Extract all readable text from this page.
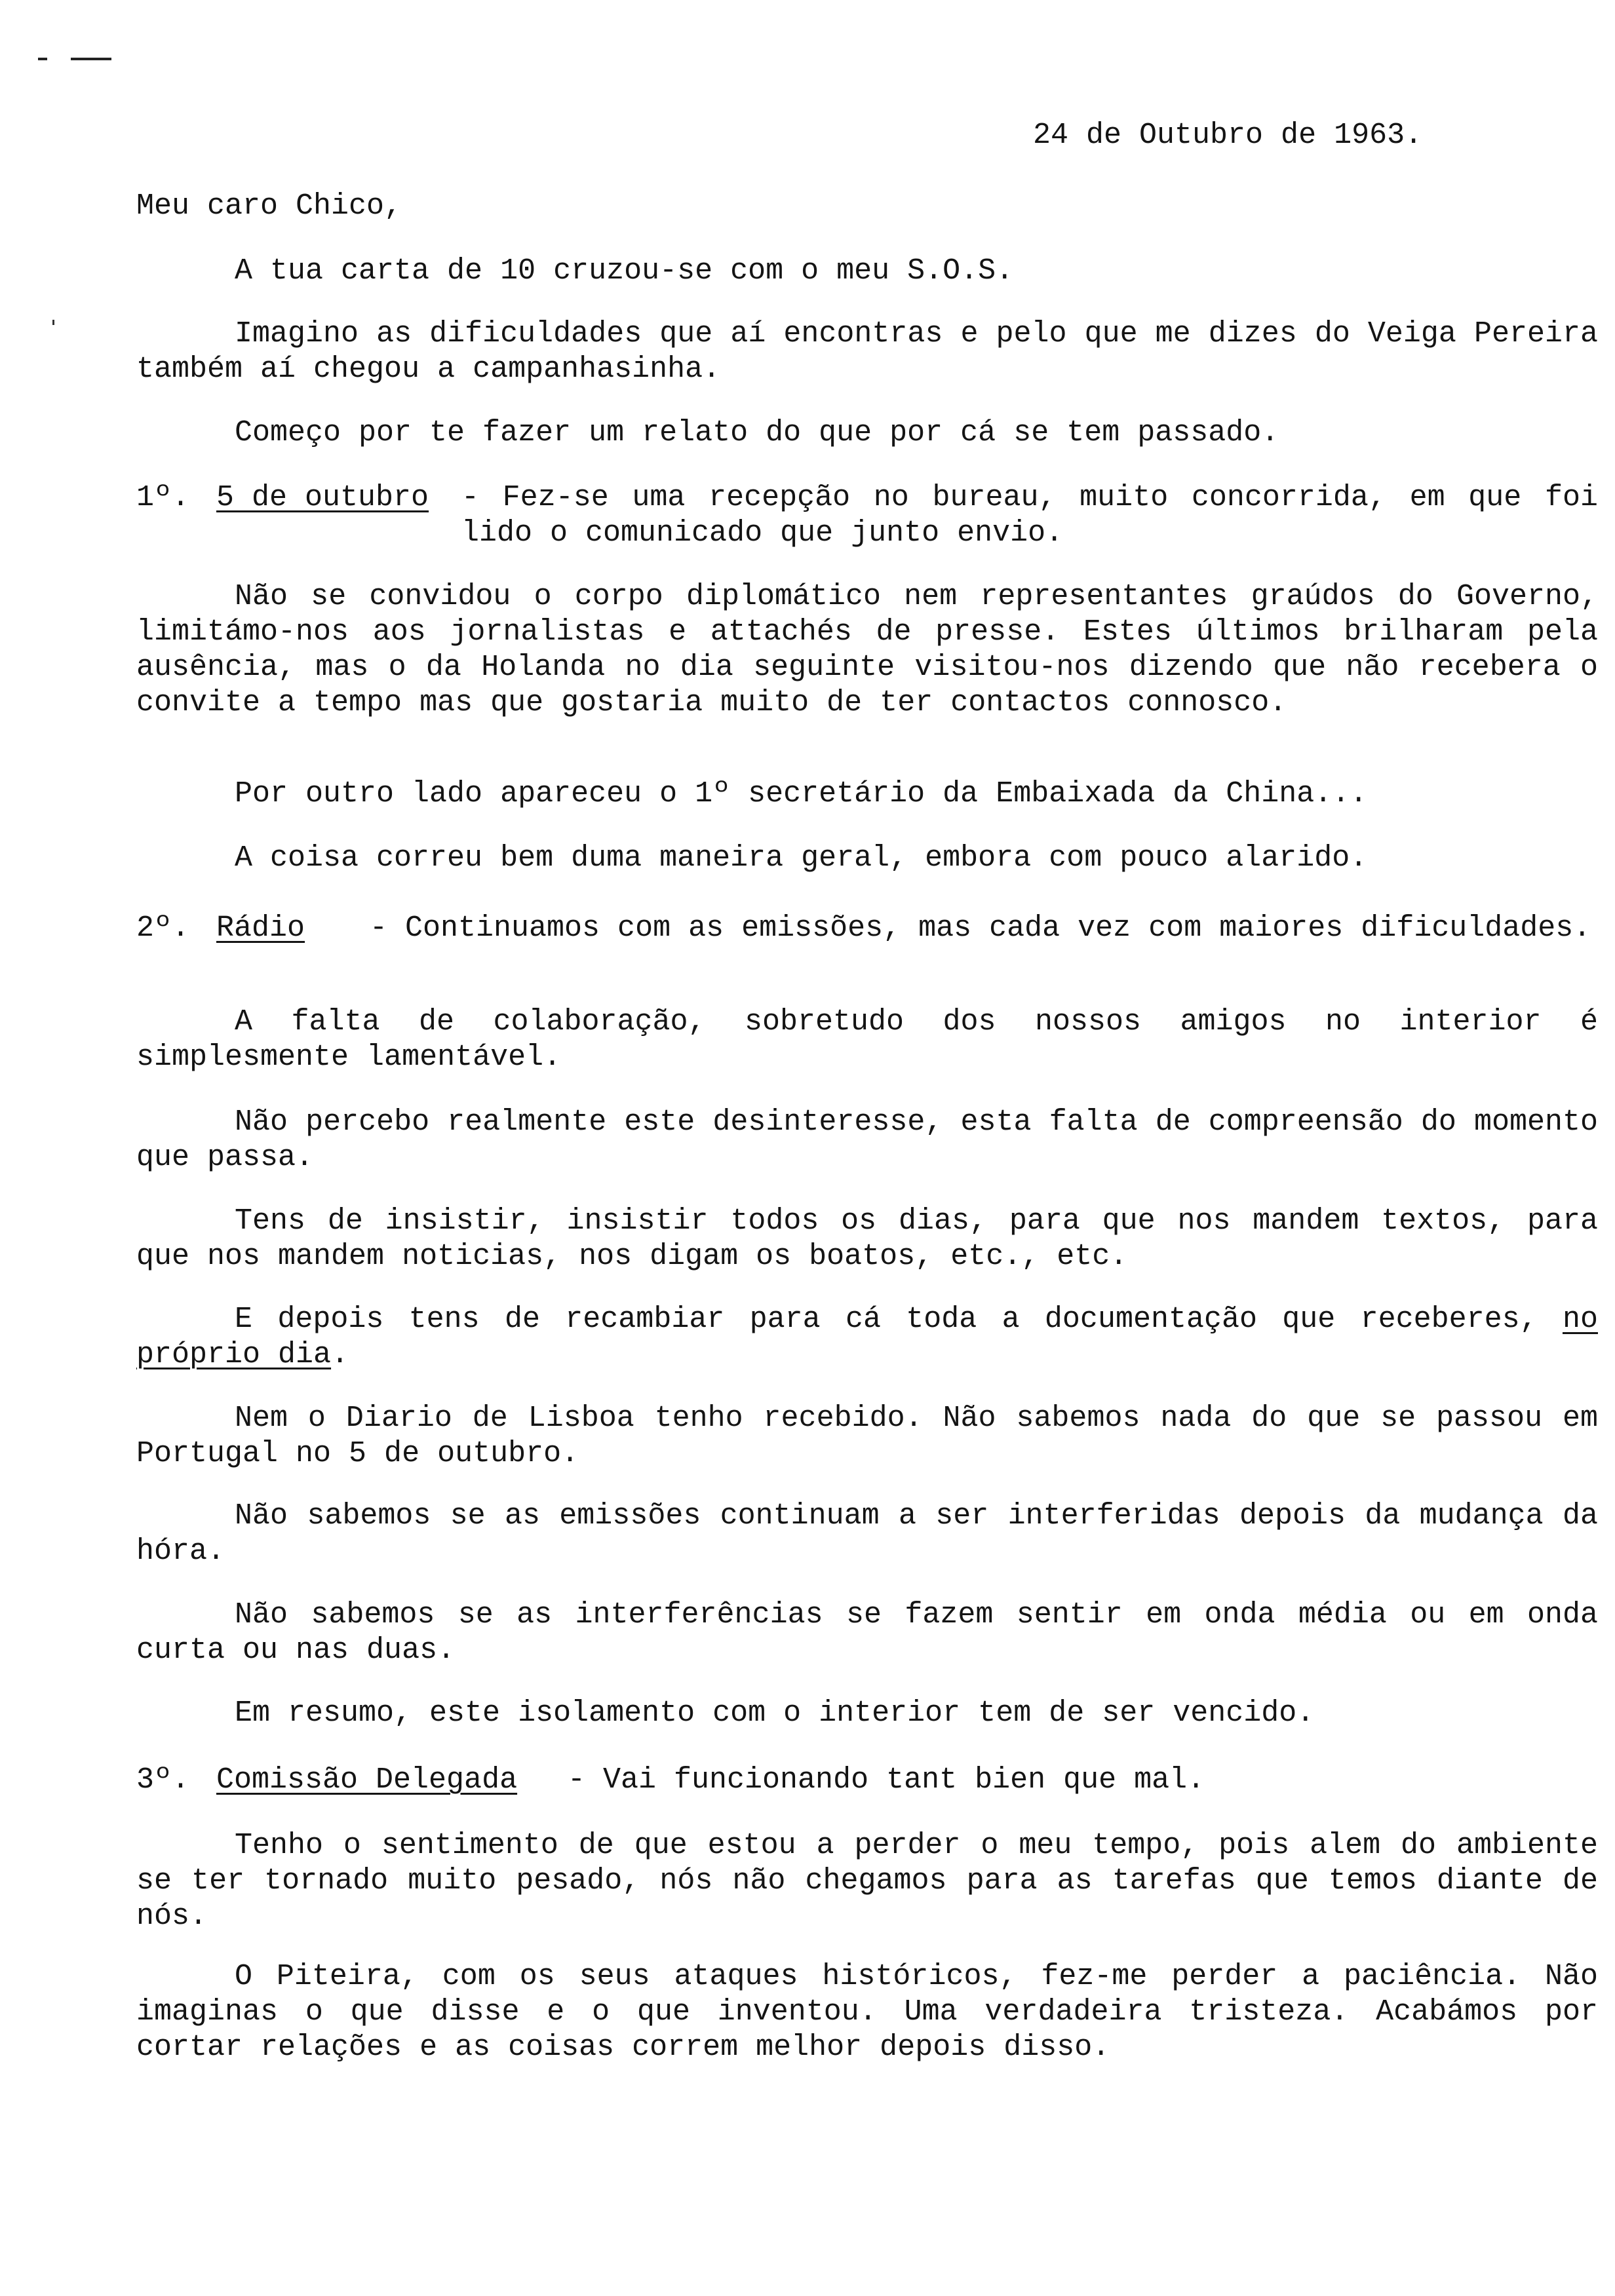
24 de Outubro de 1963.
Meu caro Chico,

A tua carta de 10 cruzou-se com o meu S.O.S.

Imagino as dificuldades que aí encontras e pelo que me dizes do Veiga Pereira também aí chegou a campanhasinha.

Começo por te fazer um relato do que por cá se tem passado.

1º. 5 de outubro - Fez-se uma recepção no bureau, muito concorrida, em que foi lido o comunicado que junto envio.

Não se convidou o corpo diplomático nem representantes graúdos do Governo, limitámo-nos aos jornalistas e attachés de presse. Estes últimos brilharam pela ausência, mas o da Holanda no dia seguinte visitou-nos dizendo que não recebera o convite a tempo mas que gostaria muito de ter contactos connosco.

Por outro lado apareceu o 1º secretário da Embaixada da China...

A coisa correu bem duma maneira geral, embora com pouco alarido.

2º. Rádio - Continuamos com as emissões, mas cada vez com maiores dificuldades.

A falta de colaboração, sobretudo dos nossos amigos no interior é simplesmente lamentável.

Não percebo realmente este desinteresse, esta falta de compreensão do momento que passa.

Tens de insistir, insistir todos os dias, para que nos mandem textos, para que nos mandem noticias, nos digam os boatos, etc., etc.

E depois tens de recambiar para cá toda a documentação que receberes, no próprio dia.

Nem o Diario de Lisboa tenho recebido. Não sabemos nada do que se passou em Portugal no 5 de outubro.

Não sabemos se as emissões continuam a ser interferidas depois da mudança da hóra.

Não sabemos se as interferências se fazem sentir em onda média ou em onda curta ou nas duas.

Em resumo, este isolamento com o interior tem de ser vencido.

3º. Comissão Delegada - Vai funcionando tant bien que mal.

Tenho o sentimento de que estou a perder o meu tempo, pois alem do ambiente se ter tornado muito pesado, nós não chegamos para as tarefas que temos diante de nós.

O Piteira, com os seus ataques históricos, fez-me perder a paciência. Não imaginas o que disse e o que inventou. Uma verdadeira tristeza. Acabámos por cortar relações e as coisas correm melhor depois disso.
